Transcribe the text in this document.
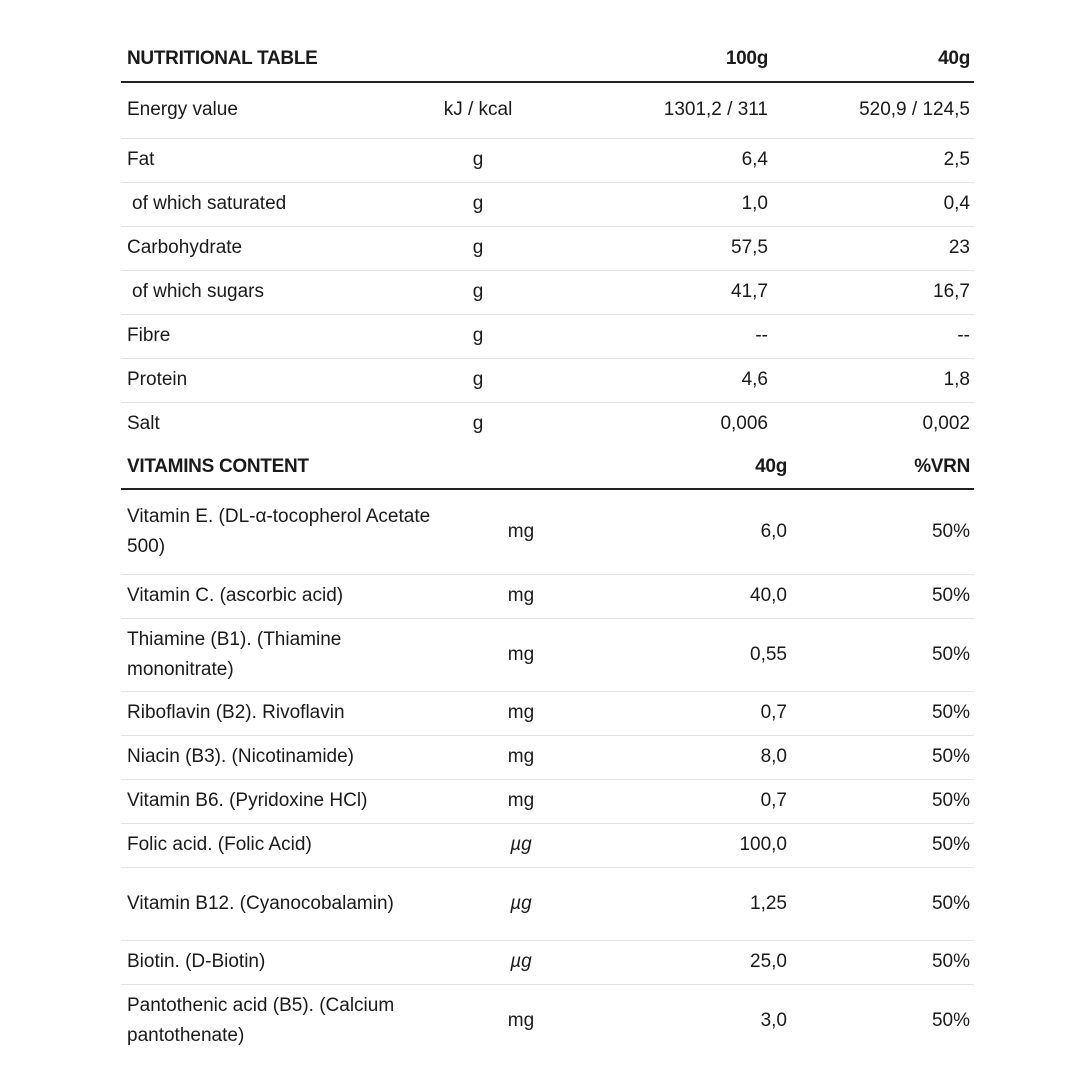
NUTRITIONAL TABLE		100g	40g
Energy value	kJ / kcal	1301,2 / 311	520,9 / 124,5
Fat	g	6,4	2,5
of which saturated	g	1,0	0,4
Carbohydrate	g	57,5	23
of which sugars	g	41,7	16,7
Fibre	g	--	--
Protein	g	4,6	1,8
Salt	g	0,006	0,002
VITAMINS CONTENT		40g	%VRN
Vitamin E. (DL-α-tocopherol Acetate 500)	mg	6,0	50%
Vitamin C. (ascorbic acid)	mg	40,0	50%
Thiamine (B1). (Thiamine mononitrate)	mg	0,55	50%
Riboflavin (B2). Rivoflavin	mg	0,7	50%
Niacin (B3). (Nicotinamide)	mg	8,0	50%
Vitamin B6. (Pyridoxine HCl)	mg	0,7	50%
Folic acid. (Folic Acid)	µg	100,0	50%
Vitamin B12. (Cyanocobalamin)	µg	1,25	50%
Biotin. (D-Biotin)	µg	25,0	50%
Pantothenic acid (B5). (Calcium pantothenate)	mg	3,0	50%
